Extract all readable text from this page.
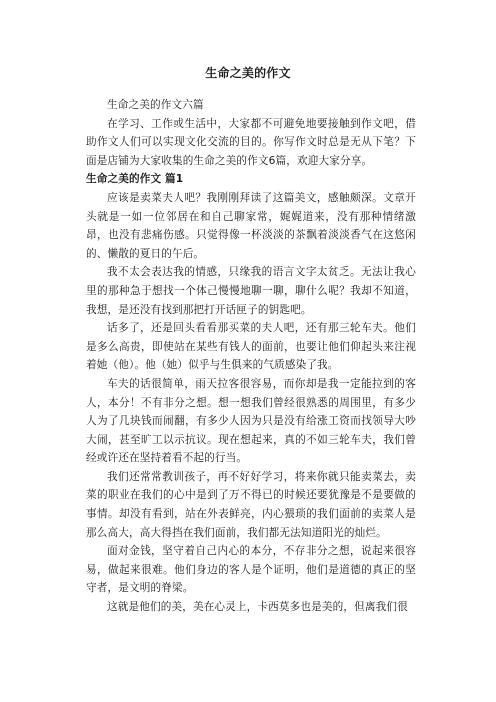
生命之美的作文

生命之美的作文六篇

在学习、工作或生活中，大家都不可避免地要接触到作文吧，借助作文人们可以实现文化交流的目的。你写作文时总是无从下笔？下面是店铺为大家收集的生命之美的作文6篇，欢迎大家分享。

生命之美的作文 篇1

应该是卖菜夫人吧？我刚刚拜读了这篇美文，感触颇深。文章开头就是一如一位邻居在和自己聊家常，娓娓道来，没有那种情绪激昂，也没有悲痛伤感。只觉得像一杯淡淡的茶飘着淡淡香气在这悠闲的、懒散的夏日的午后。

我不太会表达我的情感，只缘我的语言文字太贫乏。无法让我心里的那种急于想找一个体己慢慢地聊一聊，聊什么呢？我却不知道，我想，是还没有找到那把打开话匣子的钥匙吧。

话多了，还是回头看看那买菜的夫人吧，还有那三轮车夫。他们是多么高贵，即使站在某些有钱人的面前，也要让他们仰起头来注视着她（他）。他（她）似乎与生俱来的气质感染了我。

车夫的话很简单，雨天拉客很容易，而你却是我一定能拉到的客人，本分！不有非分之想。想一想我们曾经很熟悉的周围里，有多少人为了几块钱而闹翻，有多少人因为只是没有给涨工资而找领导大吵大闹，甚至旷工以示抗议。现在想起来，真的不如三轮车夫，我们曾经或许还在坚持着看不起的行当。

我们还常常教训孩子，再不好好学习，将来你就只能卖菜去，卖菜的职业在我们的心中是到了万不得已的时候还要犹豫是不是要做的事情。却没有看到，站在外表鲜亮，内心猥琐的我们面前的卖菜人是那么高大，高大得挡在我们面前，我们都无法知道阳光的灿烂。

面对金钱，坚守着自己内心的本分，不存非分之想，说起来很容易，做起来很难。他们身边的客人是个证明，他们是道德的真正的坚守者，是文明的脊梁。

这就是他们的美，美在心灵上，卡西莫多也是美的，但离我们很
